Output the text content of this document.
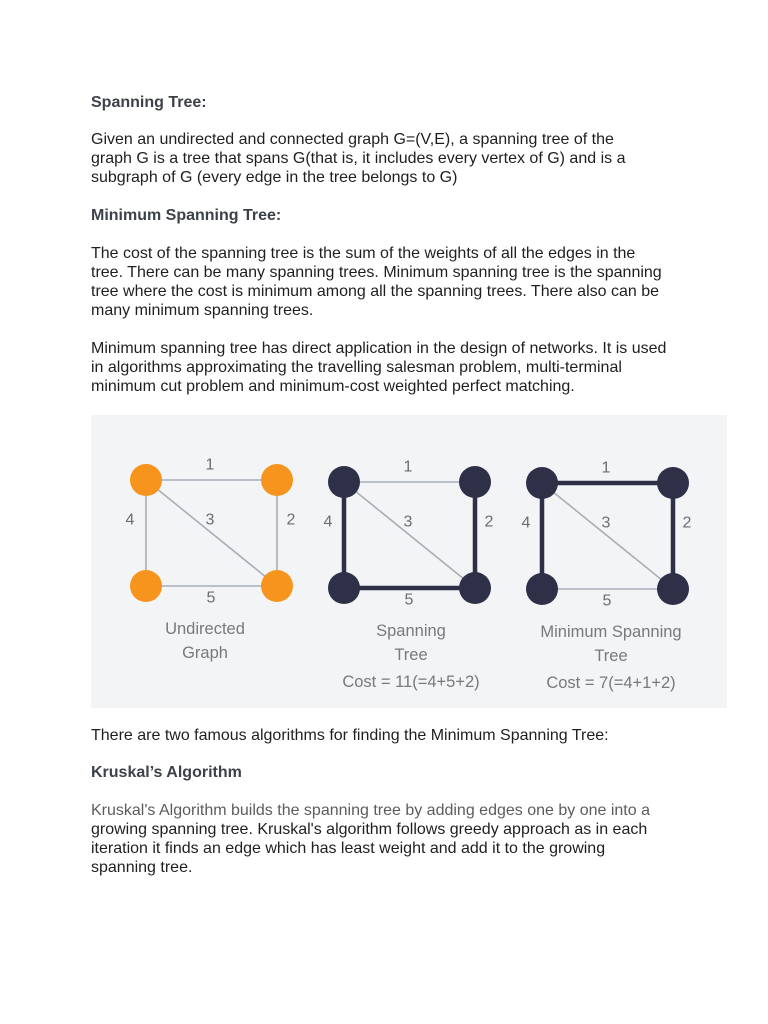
Spanning Tree:
Given an undirected and connected graph G=(V,E), a spanning tree of the
graph G is a tree that spans G(that is, it includes every vertex of G) and is a
subgraph of G (every edge in the tree belongs to G)
Minimum Spanning Tree:
The cost of the spanning tree is the sum of the weights of all the edges in the
tree. There can be many spanning trees. Minimum spanning tree is the spanning
tree where the cost is minimum among all the spanning trees. There also can be
many minimum spanning trees.
Minimum spanning tree has direct application in the design of networks. It is used
in algorithms approximating the travelling salesman problem, multi-terminal
minimum cut problem and minimum-cost weighted perfect matching.
1
2
3
4
5
Undirected
Graph
1
2
3
4
5
Spanning
Tree
Cost = 11(=4+5+2)
1
2
3
4
5
Minimum Spanning
Tree
Cost = 7(=4+1+2)
There are two famous algorithms for finding the Minimum Spanning Tree:
Kruskal’s Algorithm
Kruskal's Algorithm builds the spanning tree by adding edges one by one into a
growing spanning tree. Kruskal's algorithm follows greedy approach as in each
iteration it finds an edge which has least weight and add it to the growing
spanning tree.
